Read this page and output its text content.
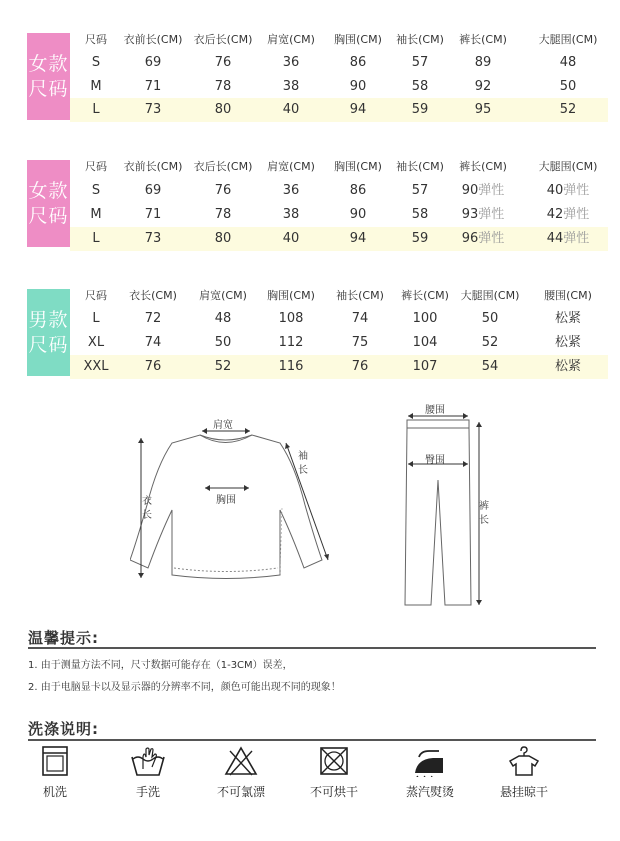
女款
尺码
尺码 衣前长(CM) 衣后长(CM) 肩宽(CM) 胸围(CM) 袖长(CM) 裤长(CM)	大腿围(CM)
S	69	76	36	86	57	89	48
M	71	78	38	90	58	92	50
L	73	80	40	94	59	95	52
女款
尺码
尺码 衣前长(CM) 衣后长(CM) 肩宽(CM) 胸围(CM) 袖长(CM) 裤长(CM)	大腿围(CM)
S	69	76	36	86	57	90弹性	40弹性
M	71	78	38	90	58	93弹性	42弹性
L	73	80	40	94	59	96弹性	44弹性
男款
尺码
尺码 衣长(CM) 肩宽(CM) 胸围(CM) 袖长(CM) 裤长(CM) 大腿围(CM) 腰围(CM)
L	72	48	108	74	100	50	松紧
XL	74	50	112	75	104	52	松紧
XXL	76	52	116	76	107	54	松紧
肩宽
胸围
衣长
袖长
腰围
臀围
裤长
温馨提示:
1. 由于测量方法不同，尺寸数据可能存在（1-3CM）误差，
2. 由于电脑显卡以及显示器的分辨率不同，颜色可能出现不同的现象！
洗涤说明:
机洗	手洗	不可氯漂	不可烘干	蒸汽熨烫	悬挂晾干
